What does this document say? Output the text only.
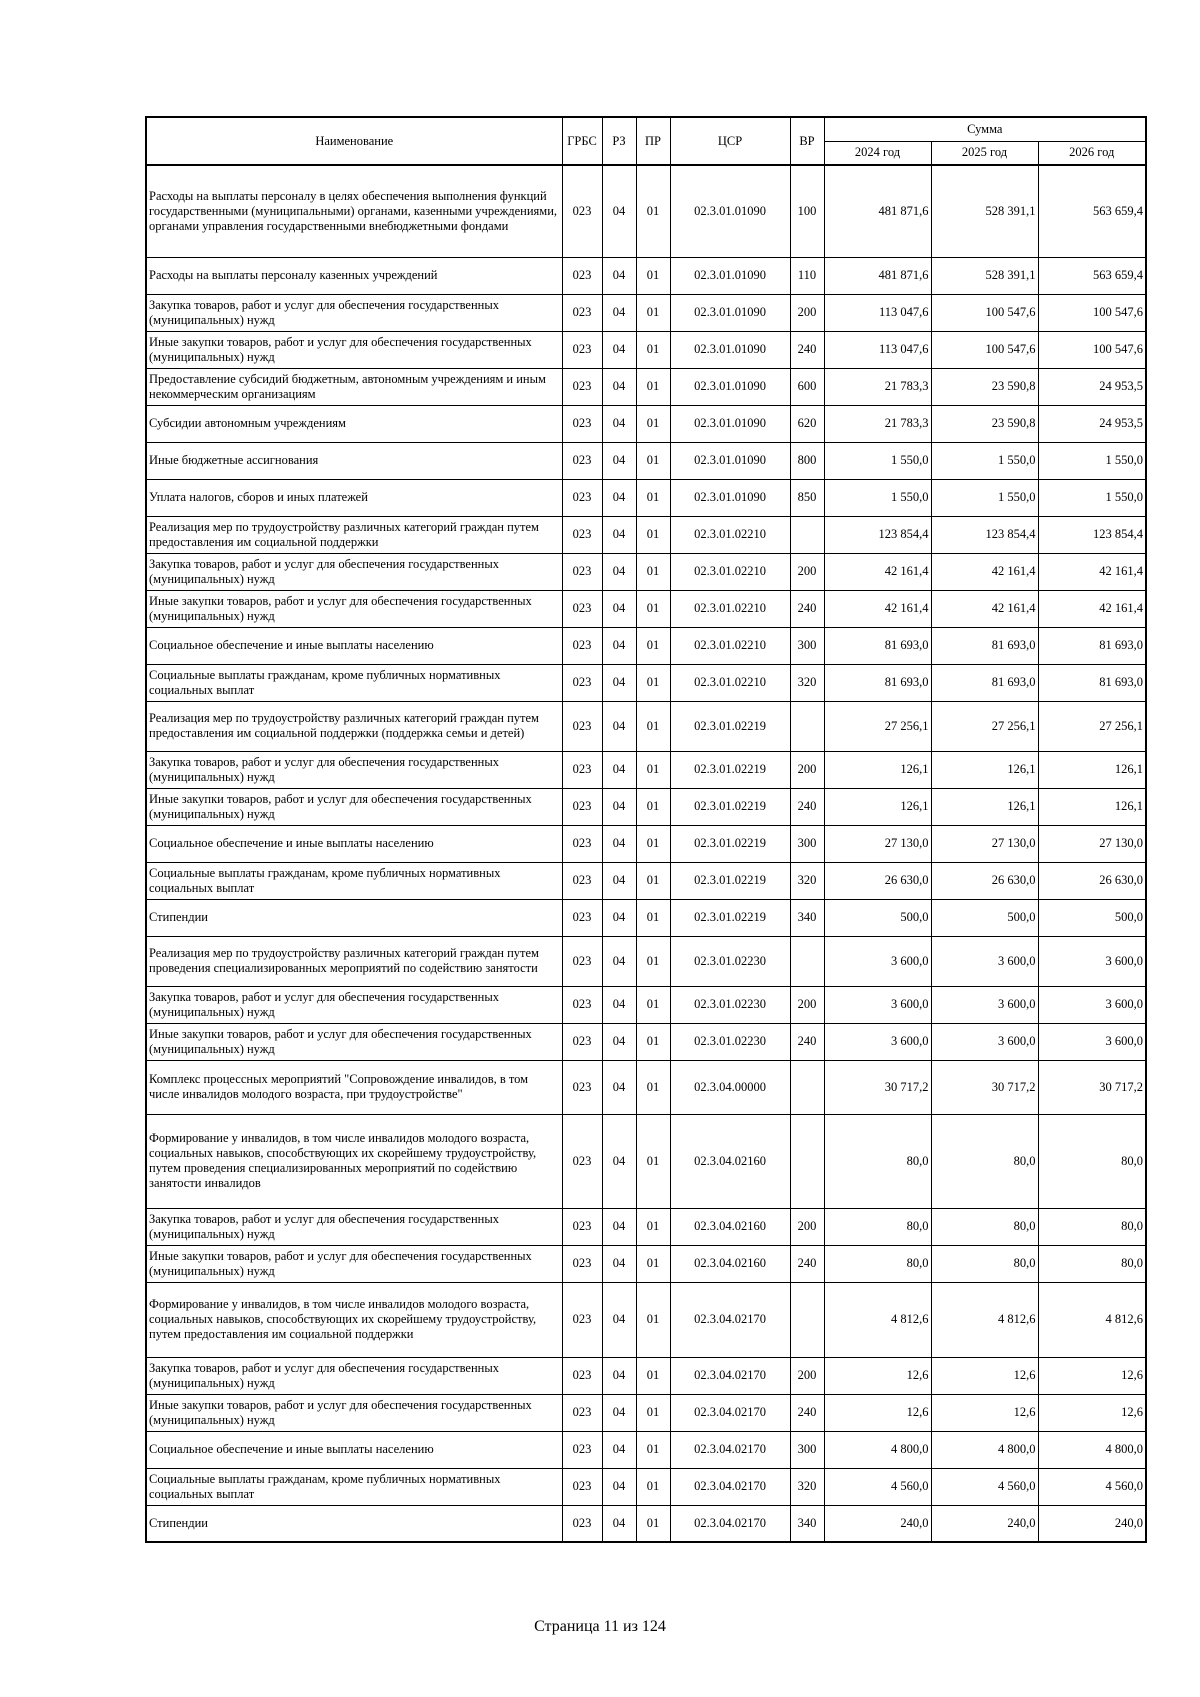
Наименование	ГРБС	РЗ	ПР	ЦСР	ВР	Сумма		
						2024 год	2025 год	2026 год
Расходы на выплаты персоналу в целях обеспечения выполнения функций государственными (муниципальными) органами, казенными учреждениями, органами управления государственными внебюджетными фондами	023	04	01	02.3.01.01090	100	481 871,6	528 391,1	563 659,4
Расходы на выплаты персоналу казенных учреждений	023	04	01	02.3.01.01090	110	481 871,6	528 391,1	563 659,4
Закупка товаров, работ и услуг для обеспечения государственных (муниципальных) нужд	023	04	01	02.3.01.01090	200	113 047,6	100 547,6	100 547,6
Иные закупки товаров, работ и услуг для обеспечения государственных (муниципальных) нужд	023	04	01	02.3.01.01090	240	113 047,6	100 547,6	100 547,6
Предоставление субсидий бюджетным, автономным учреждениям и иным некоммерческим организациям	023	04	01	02.3.01.01090	600	21 783,3	23 590,8	24 953,5
Субсидии автономным учреждениям	023	04	01	02.3.01.01090	620	21 783,3	23 590,8	24 953,5
Иные бюджетные ассигнования	023	04	01	02.3.01.01090	800	1 550,0	1 550,0	1 550,0
Уплата налогов, сборов и иных платежей	023	04	01	02.3.01.01090	850	1 550,0	1 550,0	1 550,0
Реализация мер по трудоустройству различных категорий граждан путем предоставления им социальной поддержки	023	04	01	02.3.01.02210		123 854,4	123 854,4	123 854,4
Закупка товаров, работ и услуг для обеспечения государственных (муниципальных) нужд	023	04	01	02.3.01.02210	200	42 161,4	42 161,4	42 161,4
Иные закупки товаров, работ и услуг для обеспечения государственных (муниципальных) нужд	023	04	01	02.3.01.02210	240	42 161,4	42 161,4	42 161,4
Социальное обеспечение и иные выплаты населению	023	04	01	02.3.01.02210	300	81 693,0	81 693,0	81 693,0
Социальные выплаты гражданам, кроме публичных нормативных социальных выплат	023	04	01	02.3.01.02210	320	81 693,0	81 693,0	81 693,0
Реализация мер по трудоустройству различных категорий граждан путем предоставления им социальной поддержки (поддержка семьи и детей)	023	04	01	02.3.01.02219		27 256,1	27 256,1	27 256,1
Закупка товаров, работ и услуг для обеспечения государственных (муниципальных) нужд	023	04	01	02.3.01.02219	200	126,1	126,1	126,1
Иные закупки товаров, работ и услуг для обеспечения государственных (муниципальных) нужд	023	04	01	02.3.01.02219	240	126,1	126,1	126,1
Социальное обеспечение и иные выплаты населению	023	04	01	02.3.01.02219	300	27 130,0	27 130,0	27 130,0
Социальные выплаты гражданам, кроме публичных нормативных социальных выплат	023	04	01	02.3.01.02219	320	26 630,0	26 630,0	26 630,0
Стипендии	023	04	01	02.3.01.02219	340	500,0	500,0	500,0
Реализация мер по трудоустройству различных категорий граждан путем проведения специализированных мероприятий по содействию занятости	023	04	01	02.3.01.02230		3 600,0	3 600,0	3 600,0
Закупка товаров, работ и услуг для обеспечения государственных (муниципальных) нужд	023	04	01	02.3.01.02230	200	3 600,0	3 600,0	3 600,0
Иные закупки товаров, работ и услуг для обеспечения государственных (муниципальных) нужд	023	04	01	02.3.01.02230	240	3 600,0	3 600,0	3 600,0
Комплекс процессных мероприятий "Сопровождение инвалидов, в том числе инвалидов молодого возраста, при трудоустройстве"	023	04	01	02.3.04.00000		30 717,2	30 717,2	30 717,2
Формирование у инвалидов, в том числе инвалидов молодого возраста, социальных навыков, способствующих их скорейшему трудоустройству, путем проведения специализированных мероприятий по содействию занятости инвалидов	023	04	01	02.3.04.02160		80,0	80,0	80,0
Закупка товаров, работ и услуг для обеспечения государственных (муниципальных) нужд	023	04	01	02.3.04.02160	200	80,0	80,0	80,0
Иные закупки товаров, работ и услуг для обеспечения государственных (муниципальных) нужд	023	04	01	02.3.04.02160	240	80,0	80,0	80,0
Формирование у инвалидов, в том числе инвалидов молодого возраста, социальных навыков, способствующих их скорейшему трудоустройству, путем предоставления им социальной поддержки	023	04	01	02.3.04.02170		4 812,6	4 812,6	4 812,6
Закупка товаров, работ и услуг для обеспечения государственных (муниципальных) нужд	023	04	01	02.3.04.02170	200	12,6	12,6	12,6
Иные закупки товаров, работ и услуг для обеспечения государственных (муниципальных) нужд	023	04	01	02.3.04.02170	240	12,6	12,6	12,6
Социальное обеспечение и иные выплаты населению	023	04	01	02.3.04.02170	300	4 800,0	4 800,0	4 800,0
Социальные выплаты гражданам, кроме публичных нормативных социальных выплат	023	04	01	02.3.04.02170	320	4 560,0	4 560,0	4 560,0
Стипендии	023	04	01	02.3.04.02170	340	240,0	240,0	240,0
Страница 11 из 124
